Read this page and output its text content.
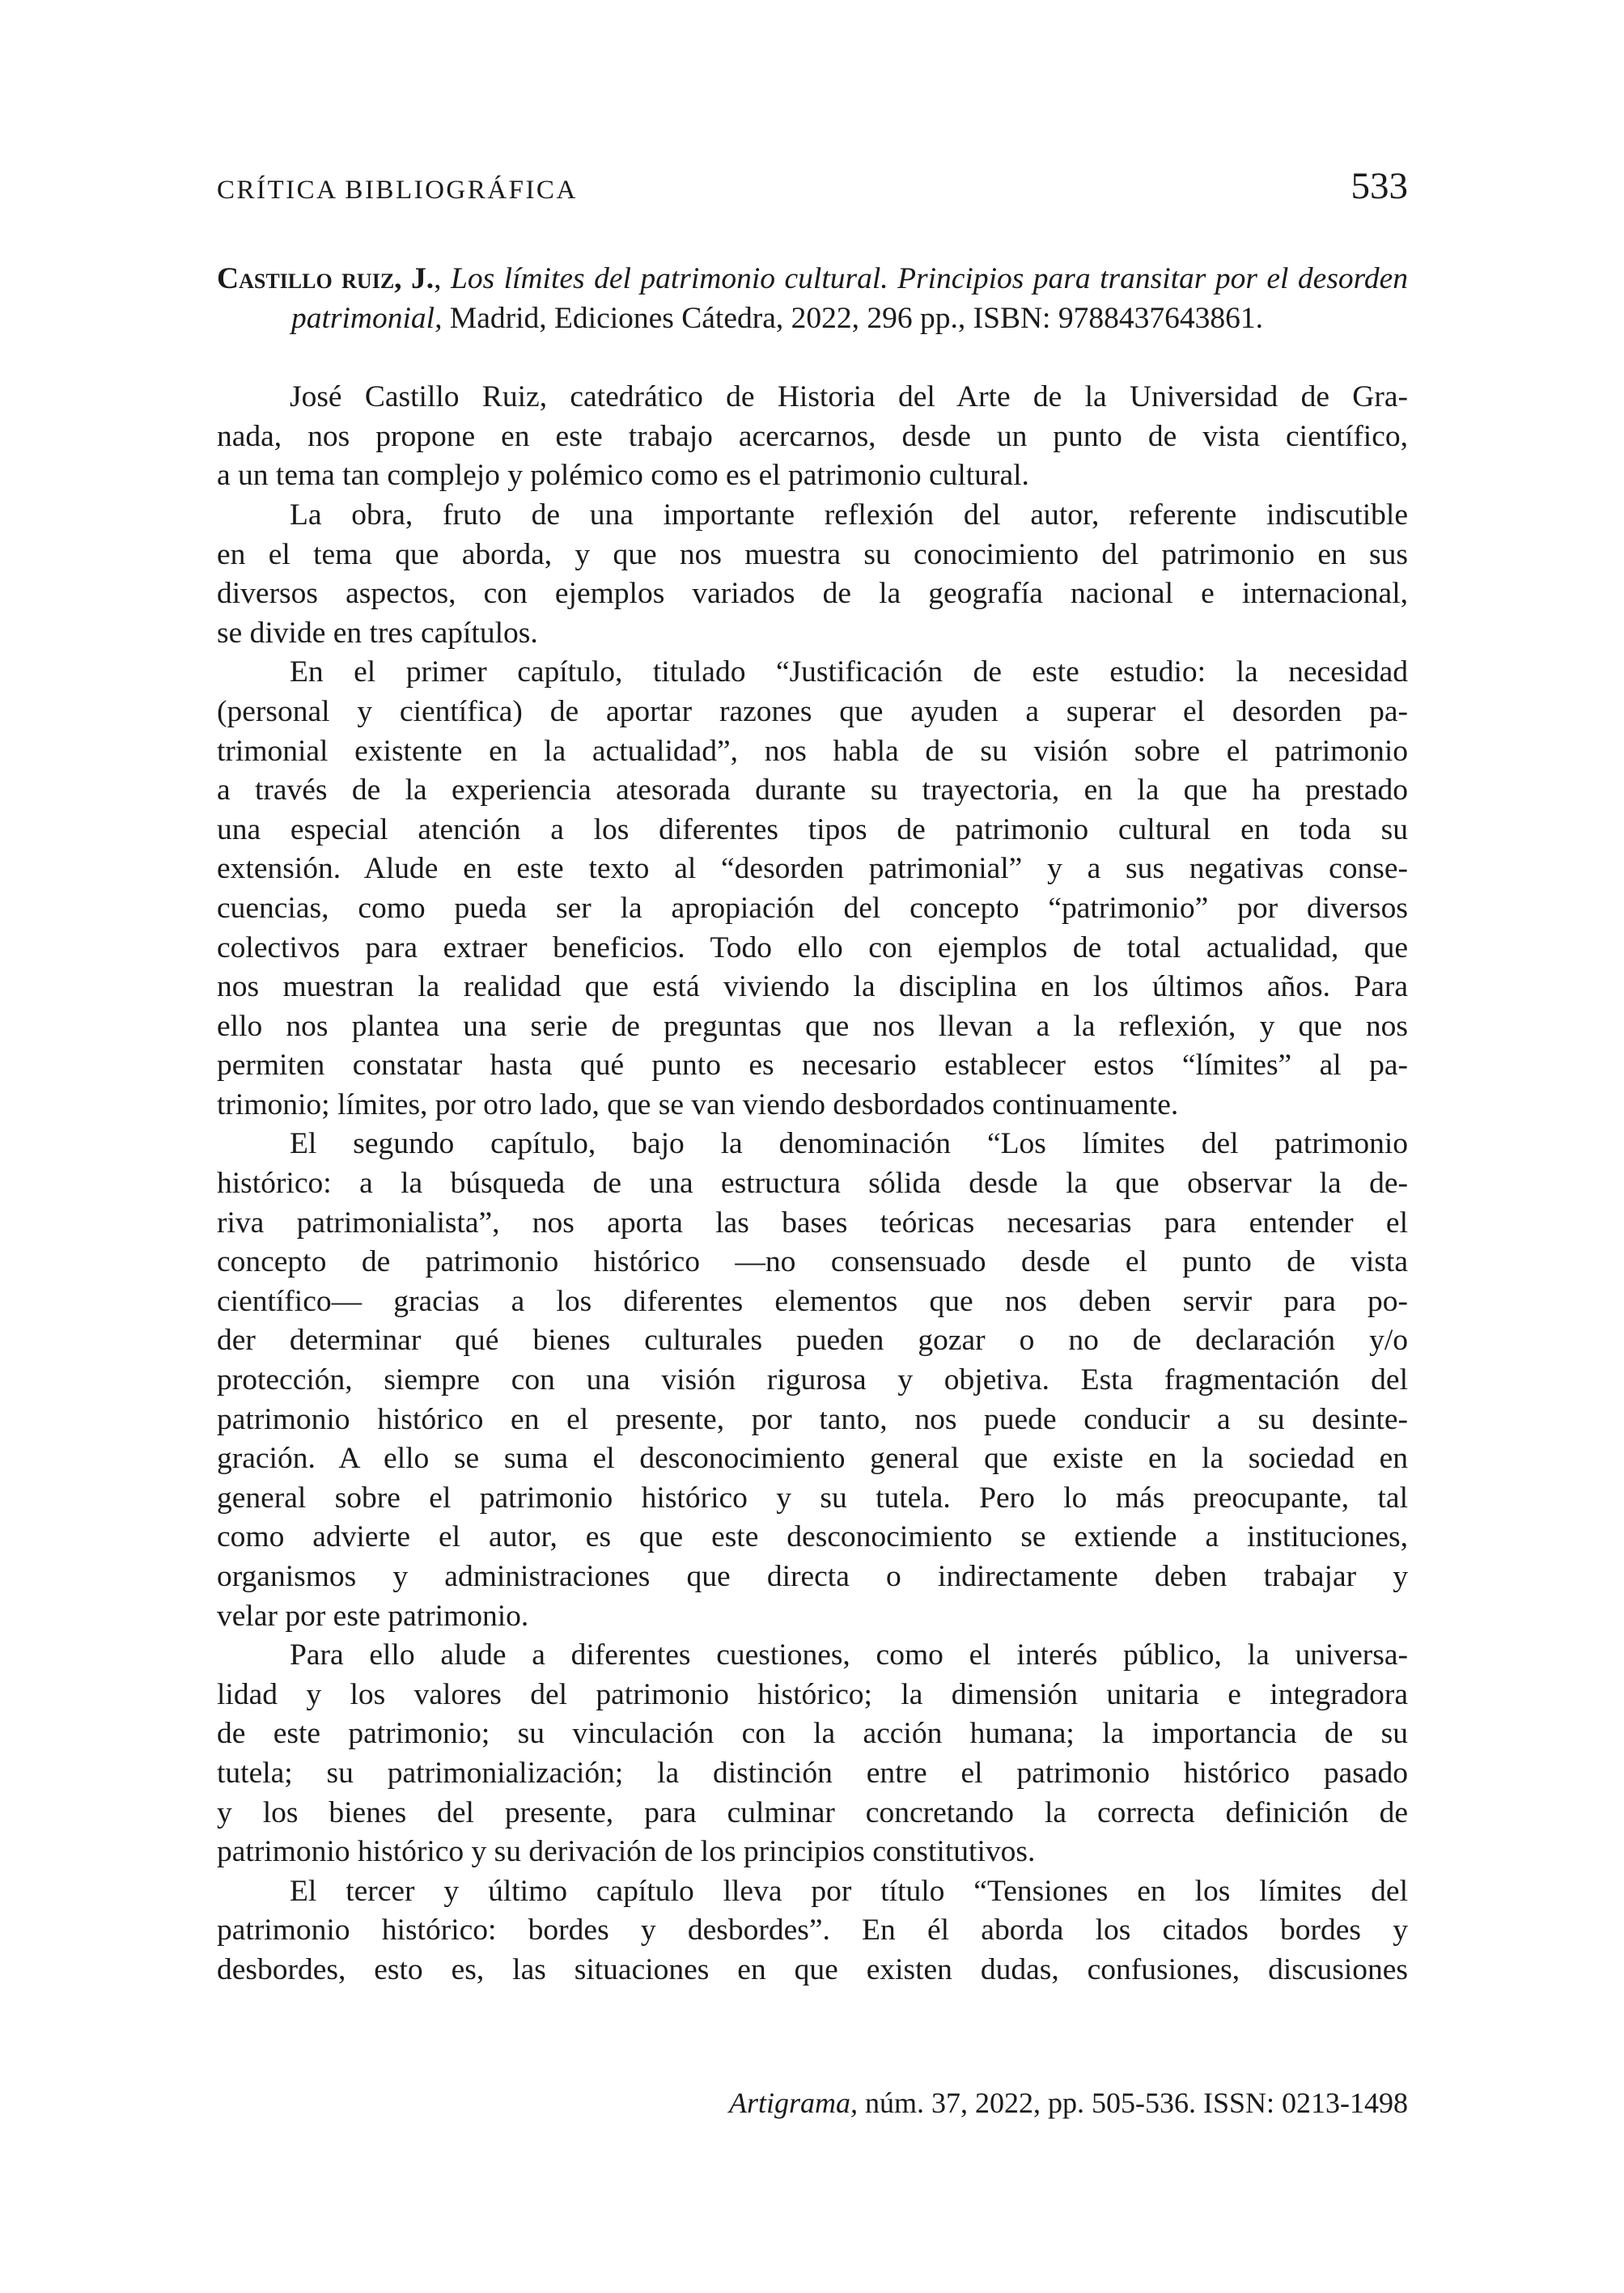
CRÍTICA BIBLIOGRÁFICA	533

Castillo ruiz, J., Los límites del patrimonio cultural. Principios para transitar por el desorden patrimonial, Madrid, Ediciones Cátedra, 2022, 296 pp., ISBN: 9788437643861.

José Castillo Ruiz, catedrático de Historia del Arte de la Universidad de Gra-
nada, nos propone en este trabajo acercarnos, desde un punto de vista científico,
a un tema tan complejo y polémico como es el patrimonio cultural.
La obra, fruto de una importante reflexión del autor, referente indiscutible
en el tema que aborda, y que nos muestra su conocimiento del patrimonio en sus
diversos aspectos, con ejemplos variados de la geografía nacional e internacional,
se divide en tres capítulos.
En el primer capítulo, titulado “Justificación de este estudio: la necesidad
(personal y científica) de aportar razones que ayuden a superar el desorden pa-
trimonial existente en la actualidad”, nos habla de su visión sobre el patrimonio
a través de la experiencia atesorada durante su trayectoria, en la que ha prestado
una especial atención a los diferentes tipos de patrimonio cultural en toda su
extensión. Alude en este texto al “desorden patrimonial” y a sus negativas conse-
cuencias, como pueda ser la apropiación del concepto “patrimonio” por diversos
colectivos para extraer beneficios. Todo ello con ejemplos de total actualidad, que
nos muestran la realidad que está viviendo la disciplina en los últimos años. Para
ello nos plantea una serie de preguntas que nos llevan a la reflexión, y que nos
permiten constatar hasta qué punto es necesario establecer estos “límites” al pa-
trimonio; límites, por otro lado, que se van viendo desbordados continuamente.
El segundo capítulo, bajo la denominación “Los límites del patrimonio
histórico: a la búsqueda de una estructura sólida desde la que observar la de-
riva patrimonialista”, nos aporta las bases teóricas necesarias para entender el
concepto de patrimonio histórico —no consensuado desde el punto de vista
científico— gracias a los diferentes elementos que nos deben servir para po-
der determinar qué bienes culturales pueden gozar o no de declaración y/o
protección, siempre con una visión rigurosa y objetiva. Esta fragmentación del
patrimonio histórico en el presente, por tanto, nos puede conducir a su desinte-
gración. A ello se suma el desconocimiento general que existe en la sociedad en
general sobre el patrimonio histórico y su tutela. Pero lo más preocupante, tal
como advierte el autor, es que este desconocimiento se extiende a instituciones,
organismos y administraciones que directa o indirectamente deben trabajar y
velar por este patrimonio.
Para ello alude a diferentes cuestiones, como el interés público, la universa-
lidad y los valores del patrimonio histórico; la dimensión unitaria e integradora
de este patrimonio; su vinculación con la acción humana; la importancia de su
tutela; su patrimonialización; la distinción entre el patrimonio histórico pasado
y los bienes del presente, para culminar concretando la correcta definición de
patrimonio histórico y su derivación de los principios constitutivos.
El tercer y último capítulo lleva por título “Tensiones en los límites del
patrimonio histórico: bordes y desbordes”. En él aborda los citados bordes y
desbordes, esto es, las situaciones en que existen dudas, confusiones, discusiones
Artigrama, núm. 37, 2022, pp. 505-536. ISSN: 0213-1498
